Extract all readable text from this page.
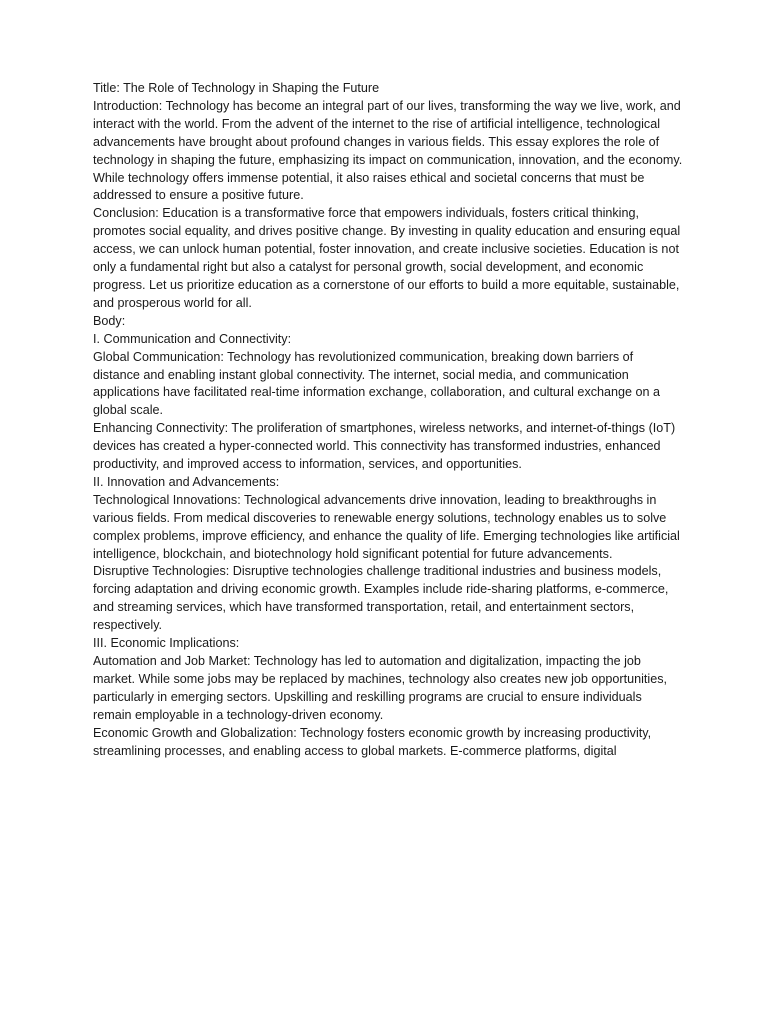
Title: The Role of Technology in Shaping the Future

Introduction: Technology has become an integral part of our lives, transforming the way we live, work, and interact with the world. From the advent of the internet to the rise of artificial intelligence, technological advancements have brought about profound changes in various fields. This essay explores the role of technology in shaping the future, emphasizing its impact on communication, innovation, and the economy. While technology offers immense potential, it also raises ethical and societal concerns that must be addressed to ensure a positive future.

Conclusion: Education is a transformative force that empowers individuals, fosters critical thinking, promotes social equality, and drives positive change. By investing in quality education and ensuring equal access, we can unlock human potential, foster innovation, and create inclusive societies. Education is not only a fundamental right but also a catalyst for personal growth, social development, and economic progress. Let us prioritize education as a cornerstone of our efforts to build a more equitable, sustainable, and prosperous world for all.

Body:

I. Communication and Connectivity:

Global Communication: Technology has revolutionized communication, breaking down barriers of distance and enabling instant global connectivity. The internet, social media, and communication applications have facilitated real-time information exchange, collaboration, and cultural exchange on a global scale.

Enhancing Connectivity: The proliferation of smartphones, wireless networks, and internet-of-things (IoT) devices has created a hyper-connected world. This connectivity has transformed industries, enhanced productivity, and improved access to information, services, and opportunities.

II. Innovation and Advancements:

Technological Innovations: Technological advancements drive innovation, leading to breakthroughs in various fields. From medical discoveries to renewable energy solutions, technology enables us to solve complex problems, improve efficiency, and enhance the quality of life. Emerging technologies like artificial intelligence, blockchain, and biotechnology hold significant potential for future advancements.

Disruptive Technologies: Disruptive technologies challenge traditional industries and business models, forcing adaptation and driving economic growth. Examples include ride-sharing platforms, e-commerce, and streaming services, which have transformed transportation, retail, and entertainment sectors, respectively.

III. Economic Implications:

Automation and Job Market: Technology has led to automation and digitalization, impacting the job market. While some jobs may be replaced by machines, technology also creates new job opportunities, particularly in emerging sectors. Upskilling and reskilling programs are crucial to ensure individuals remain employable in a technology-driven economy.

Economic Growth and Globalization: Technology fosters economic growth by increasing productivity, streamlining processes, and enabling access to global markets. E-commerce platforms, digital
